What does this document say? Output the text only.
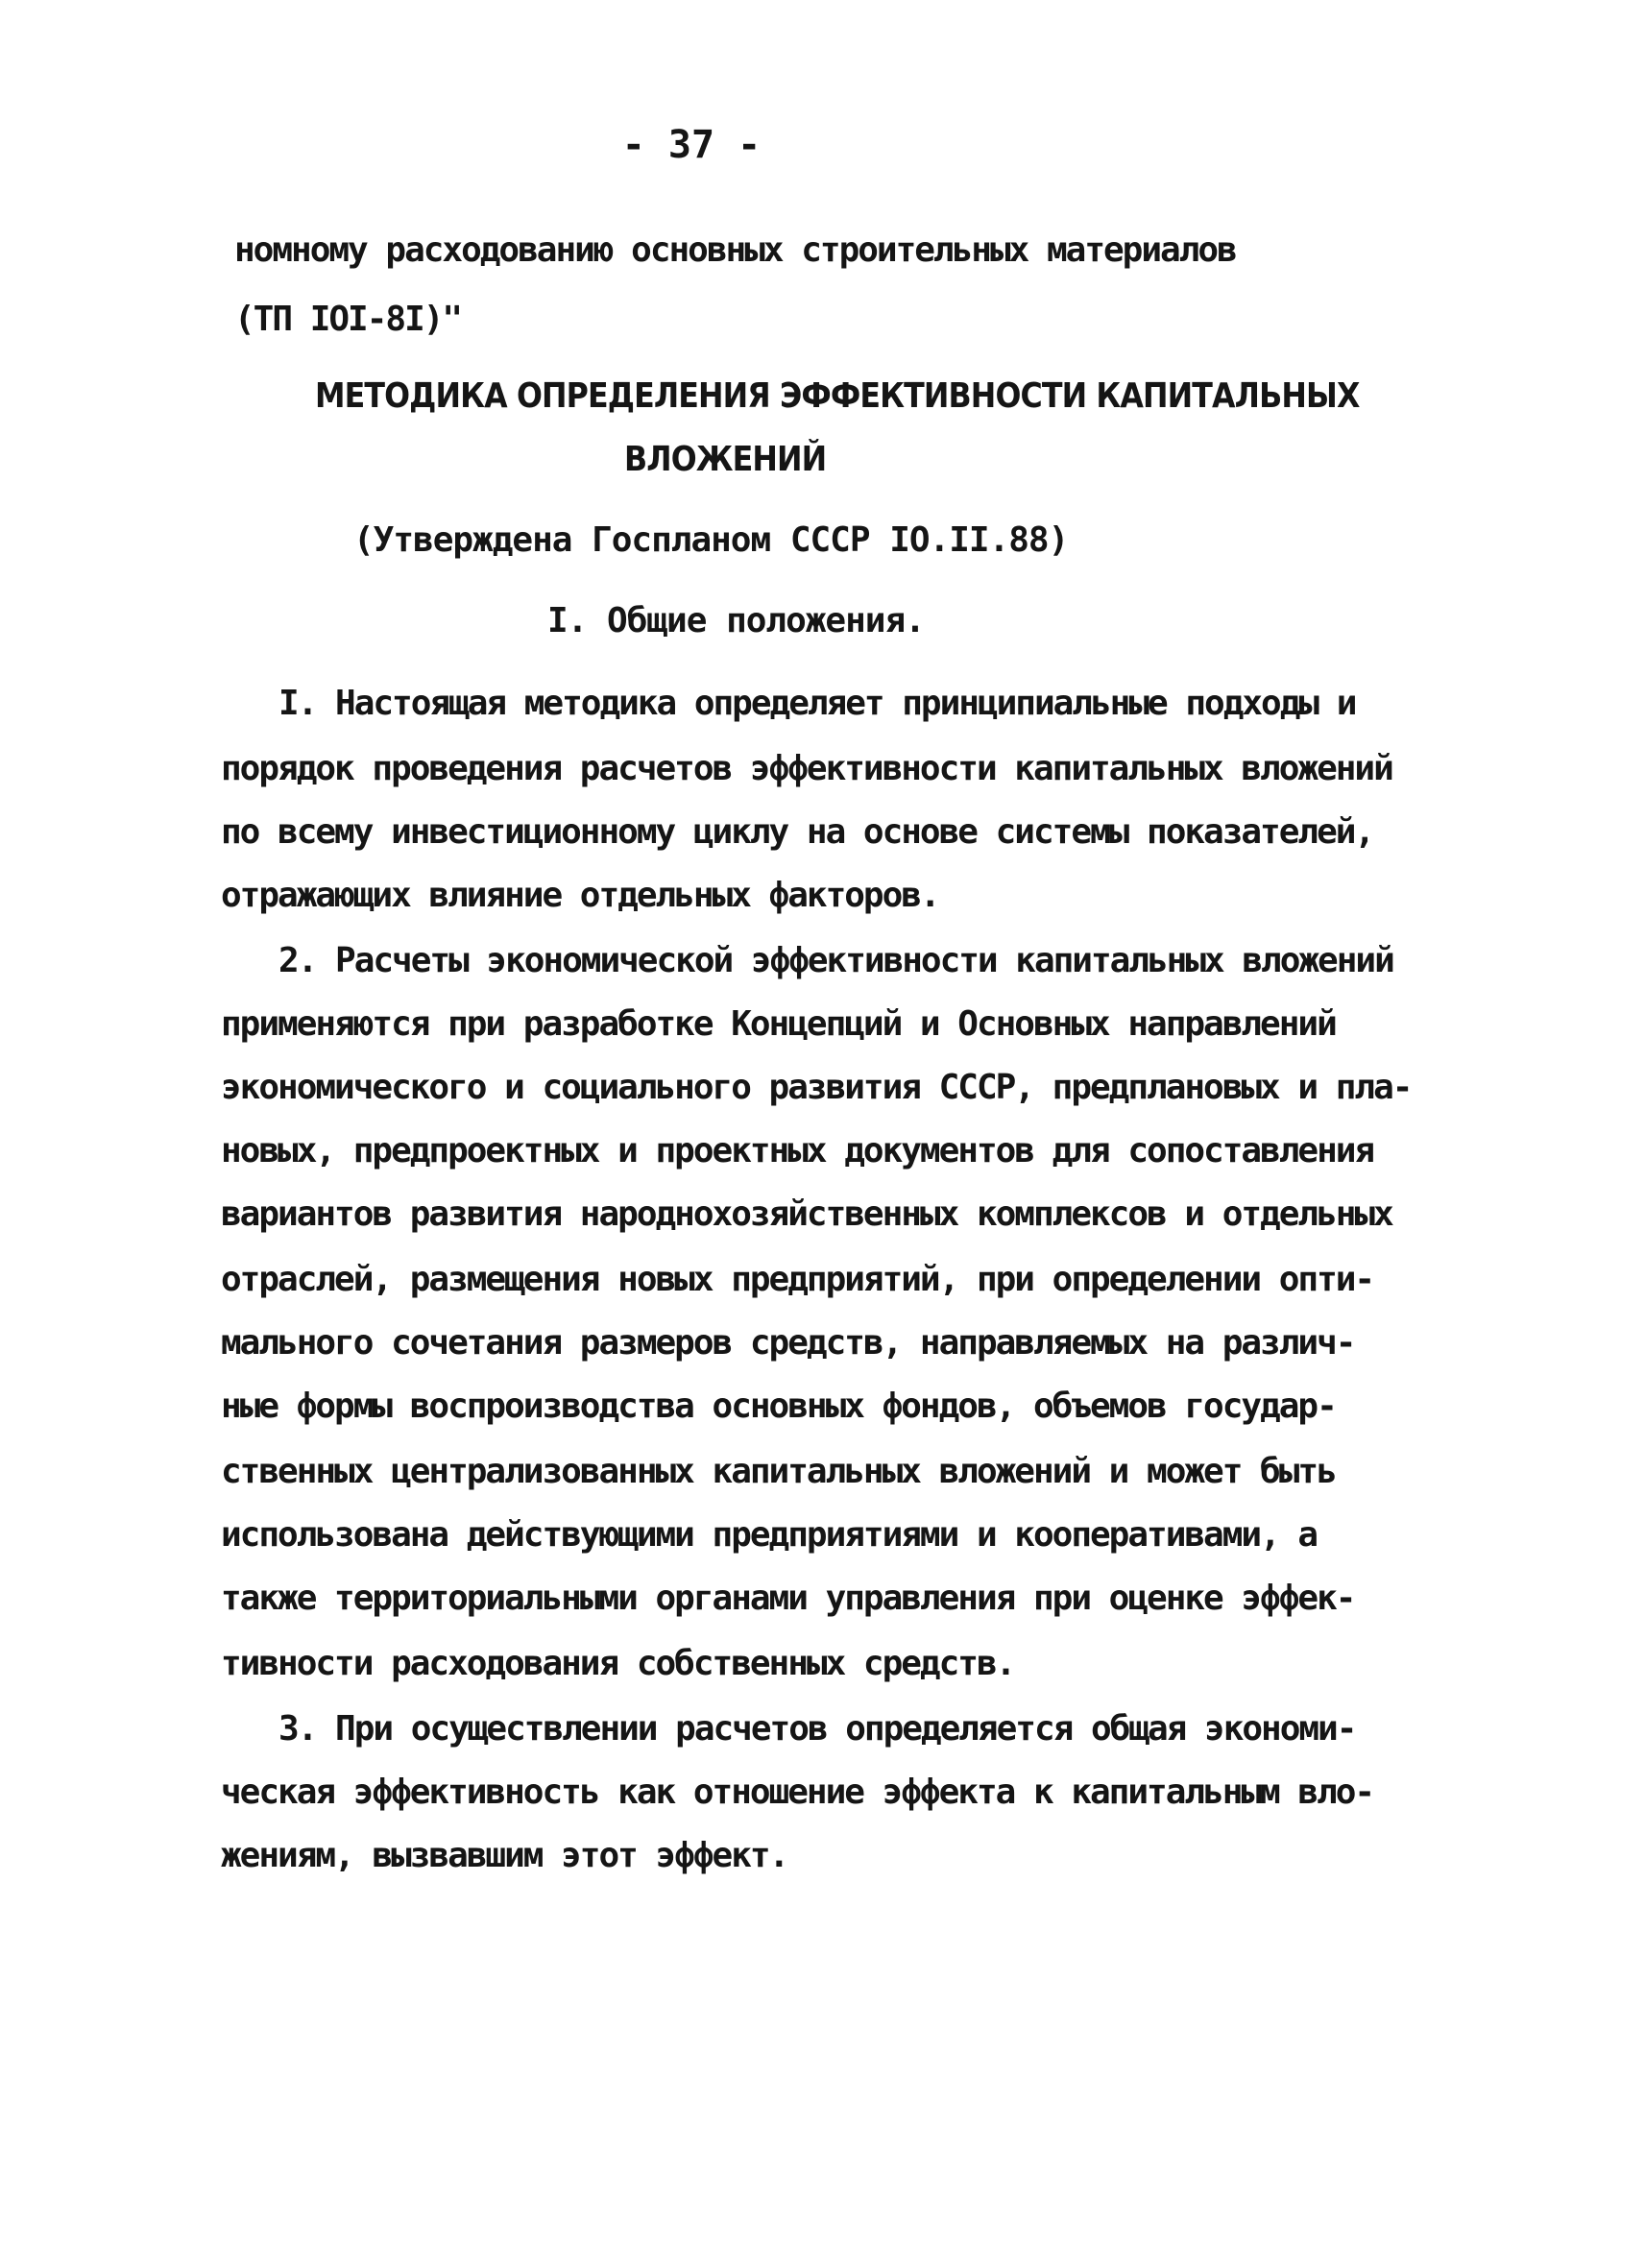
- 37 -
номному расходованию основных строительных материалов
(ТП IOI-8I)"
МЕТОДИКА ОПРЕДЕЛЕНИЯ ЭФФЕКТИВНОСТИ КАПИТАЛЬНЫХ
ВЛОЖЕНИЙ
(Утверждена Госпланом СССР IO.II.88)
I. Общие положения.
I. Настоящая методика определяет принципиальные подходы и
порядок проведения расчетов эффективности капитальных вложений
по всему инвестиционному циклу на основе системы показателей,
отражающих влияние отдельных факторов.
2. Расчеты экономической эффективности капитальных вложений
применяются при разработке Концепций и Основных направлений
экономического и социального развития СССР, предплановых и пла-
новых, предпроектных и проектных документов для сопоставления
вариантов развития народнохозяйственных комплексов и отдельных
отраслей, размещения новых предприятий, при определении опти-
мального сочетания размеров средств, направляемых на различ-
ные формы воспроизводства основных фондов, объемов государ-
ственных централизованных капитальных вложений и может быть
использована действующими предприятиями и кооперативами, а
также территориальными органами управления при оценке эффек-
тивности расходования собственных средств.
3. При осуществлении расчетов определяется общая экономи-
ческая эффективность как отношение эффекта к капитальным вло-
жениям, вызвавшим этот эффект.
